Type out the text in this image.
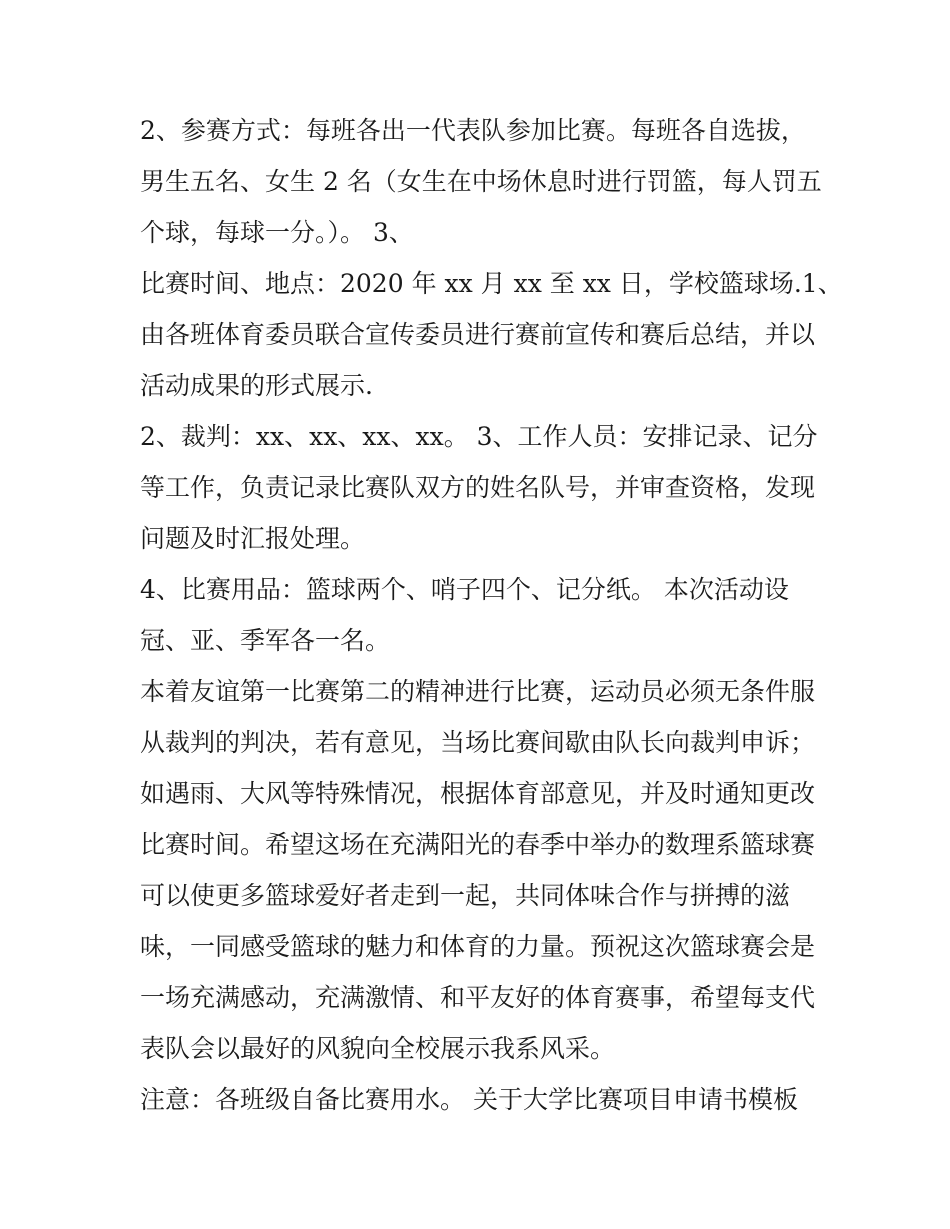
2、参赛方式：每班各出一代表队参加比赛。每班各自选拔，
男生五名、女生 2 名（女生在中场休息时进行罚篮，每人罚五
个球，每球一分。）。 3、
比赛时间、地点：2020 年 xx 月 xx 至 xx 日，学校篮球场.1、
由各班体育委员联合宣传委员进行赛前宣传和赛后总结，并以
活动成果的形式展示.
2、裁判：xx、xx、xx、xx。 3、工作人员：安排记录、记分
等工作，负责记录比赛队双方的姓名队号，并审查资格，发现
问题及时汇报处理。
4、比赛用品：篮球两个、哨子四个、记分纸。 本次活动设
冠、亚、季军各一名。
本着友谊第一比赛第二的精神进行比赛，运动员必须无条件服
从裁判的判决，若有意见，当场比赛间歇由队长向裁判申诉；
如遇雨、大风等特殊情况，根据体育部意见，并及时通知更改
比赛时间。希望这场在充满阳光的春季中举办的数理系篮球赛
可以使更多篮球爱好者走到一起，共同体味合作与拼搏的滋
味，一同感受篮球的魅力和体育的力量。预祝这次篮球赛会是
一场充满感动，充满激情、和平友好的体育赛事，希望每支代
表队会以最好的风貌向全校展示我系风采。
注意：各班级自备比赛用水。 关于大学比赛项目申请书模板
